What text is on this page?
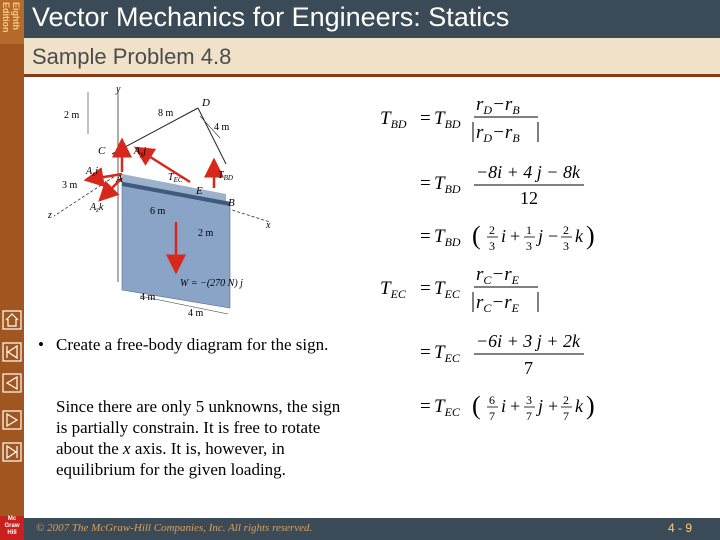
Eighth
Edition Vector Mechanics for Engineers: Statics
Sample Problem 4.8
y
x
z
2 m	8 m
4 m
3 m
6 m
2 m
4 m
4 m
D
C
A
E
B
$A_yj$
$A_xi$
$A_zk$
$T_{EC}$	$T_{BD}$
W = −(270 N) j
• Create a free-body diagram for the sign.
Since there are only 5 unknowns, the sign is partially constrain. It is free to rotate about the x axis. It is, however, in equilibrium for the given loading.
$T_{BD} = T_{BD}$
$r_D-r_B$
$r_D-r_B$
= $T_{BD}$
−8i + 4 j − 8k
12
= $T_{BD}$ ( 2
3 i + 1
3 j − 2
3 k )
$T_{EC} = T_{EC}$
$r_C-r_E$
$r_C-r_E$
= $T_{EC}$
−6i + 3 j + 2k
7
= $T_{EC}$ ( 6
7 i + 3
7 j + 2
7 k )
Mc Graw Hill	© 2007 The McGraw-Hill Companies, Inc. All rights reserved.	4 - 9
